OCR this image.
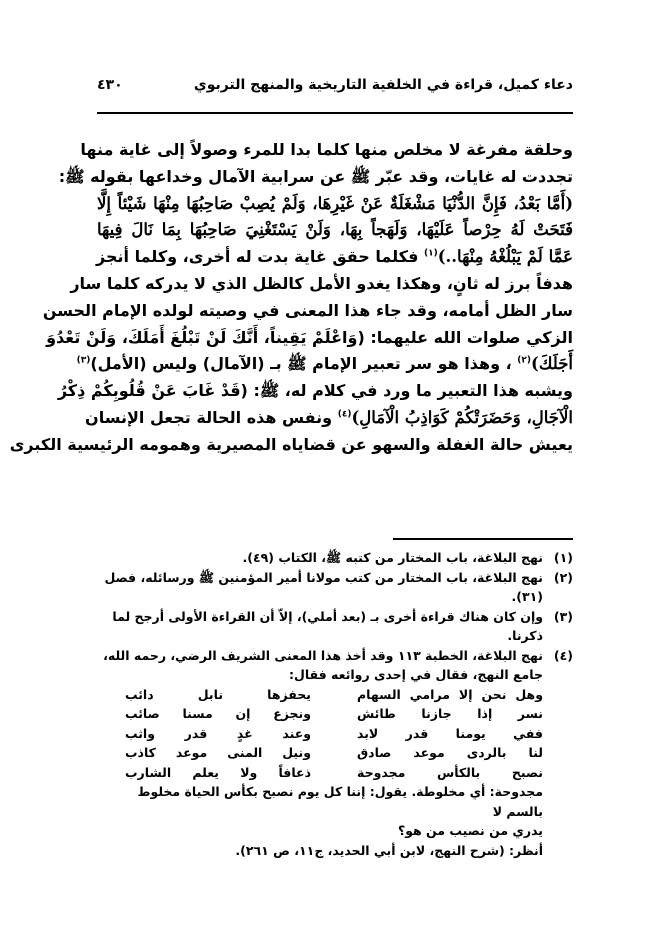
دعاء كميل، قراءة في الخلفية التاريخية والمنهج التربوي
٤٣٠
وحلقة مفرغة لا مخلص منها كلما بدا للمرء وصولاً إلى غاية منها
تجددت له غايات، وقد عبّر ﷺ عن سرابية الآمال وخداعها بقوله ﷺ:
(أَمَّا بَعْدُ، فَإِنَّ الدُّنْيَا مَشْغَلَةٌ عَنْ غَيْرِهَا، وَلَمْ يُصِبْ صَاحِبُهَا مِنْهَا شَيْئاً إِلَّا
فَتَحَتْ لَهُ حِرْصاً عَلَيْهَا، وَلَهَجاً بِهَا، وَلَنْ يَسْتَغْنِيَ صَاحِبُهَا بِمَا نَالَ فِيهَا
عَمَّا لَمْ يَبْلُغْهُ مِنْهَا..)$^{(١)}$ فكلما حقق غاية بدت له أخرى، وكلما أنجز
هدفاً برز له ثانٍ، وهكذا يغدو الأمل كالظل الذي لا يدركه كلما سار
سار الظل أمامه، وقد جاء هذا المعنى في وصيته لولده الإمام الحسن
الزكي صلوات الله عليهما: (وَاعْلَمْ يَقِيناً، أَنَّكَ لَنْ تَبْلُغَ أَمَلَكَ، وَلَنْ تَعْدُوَ
أَجَلَكَ)$^{(٢)}$ ، وهذا هو سر تعبير الإمام ﷺ بـ (الآمال) وليس (الأمل)$^{(٣)}$
ويشبه هذا التعبير ما ورد في كلام له، ﷺ: (قَدْ غَابَ عَنْ قُلُوبِكُمْ ذِكْرُ
الْآجَالِ، وَحَضَرَتْكُمْ كَوَاذِبُ الْآمَالِ)$^{(٤)}$ ونفس هذه الحالة تجعل الإنسان
يعيش حالة الغفلة والسهو عن قضاياه المصيرية وهمومه الرئيسية الكبرى
(١)
نهج البلاغة، باب المختار من كتبه ﷺ، الكتاب (٤٩).
(٢)
نهج البلاغة، باب المختار من كتب مولانا أمير المؤمنين ﷺ ورسائله، فصل
(٣١).
(٣)
وإن كان هناك قراءة أخرى بـ (بعد أملي)، إلاّ أن القراءة الأولى أرجح لما ذكرنا.
(٤)
نهج البلاغة، الخطبة ١١٣ وقد أخذ هذا المعنى الشريف الرضي، رحمه الله،
جامع النهج، فقال في إحدى روائعه فقال:
وهل نحن إلا مرامي السهام
يحفزها نابل دائب
نسر إذا جازنا طائش
ونجزع إن مسنا صائب
ففي يومنا قدر لابد
وعند غدٍ قدر واثب
لنا بالردى موعد صادق
ونيل المنى موعد كاذب
نصبح بالكأس مجدوحة
ذعافاً ولا يعلم الشارب
مجدوحة: أي مخلوطة. يقول: إننا كل يوم نصبح بكأس الحياة مخلوط بالسم لا
يدري من نصيب من هو؟
أنظر: (شرح النهج، لابن أبي الحديد، ج١١، ص ٢٦١).
